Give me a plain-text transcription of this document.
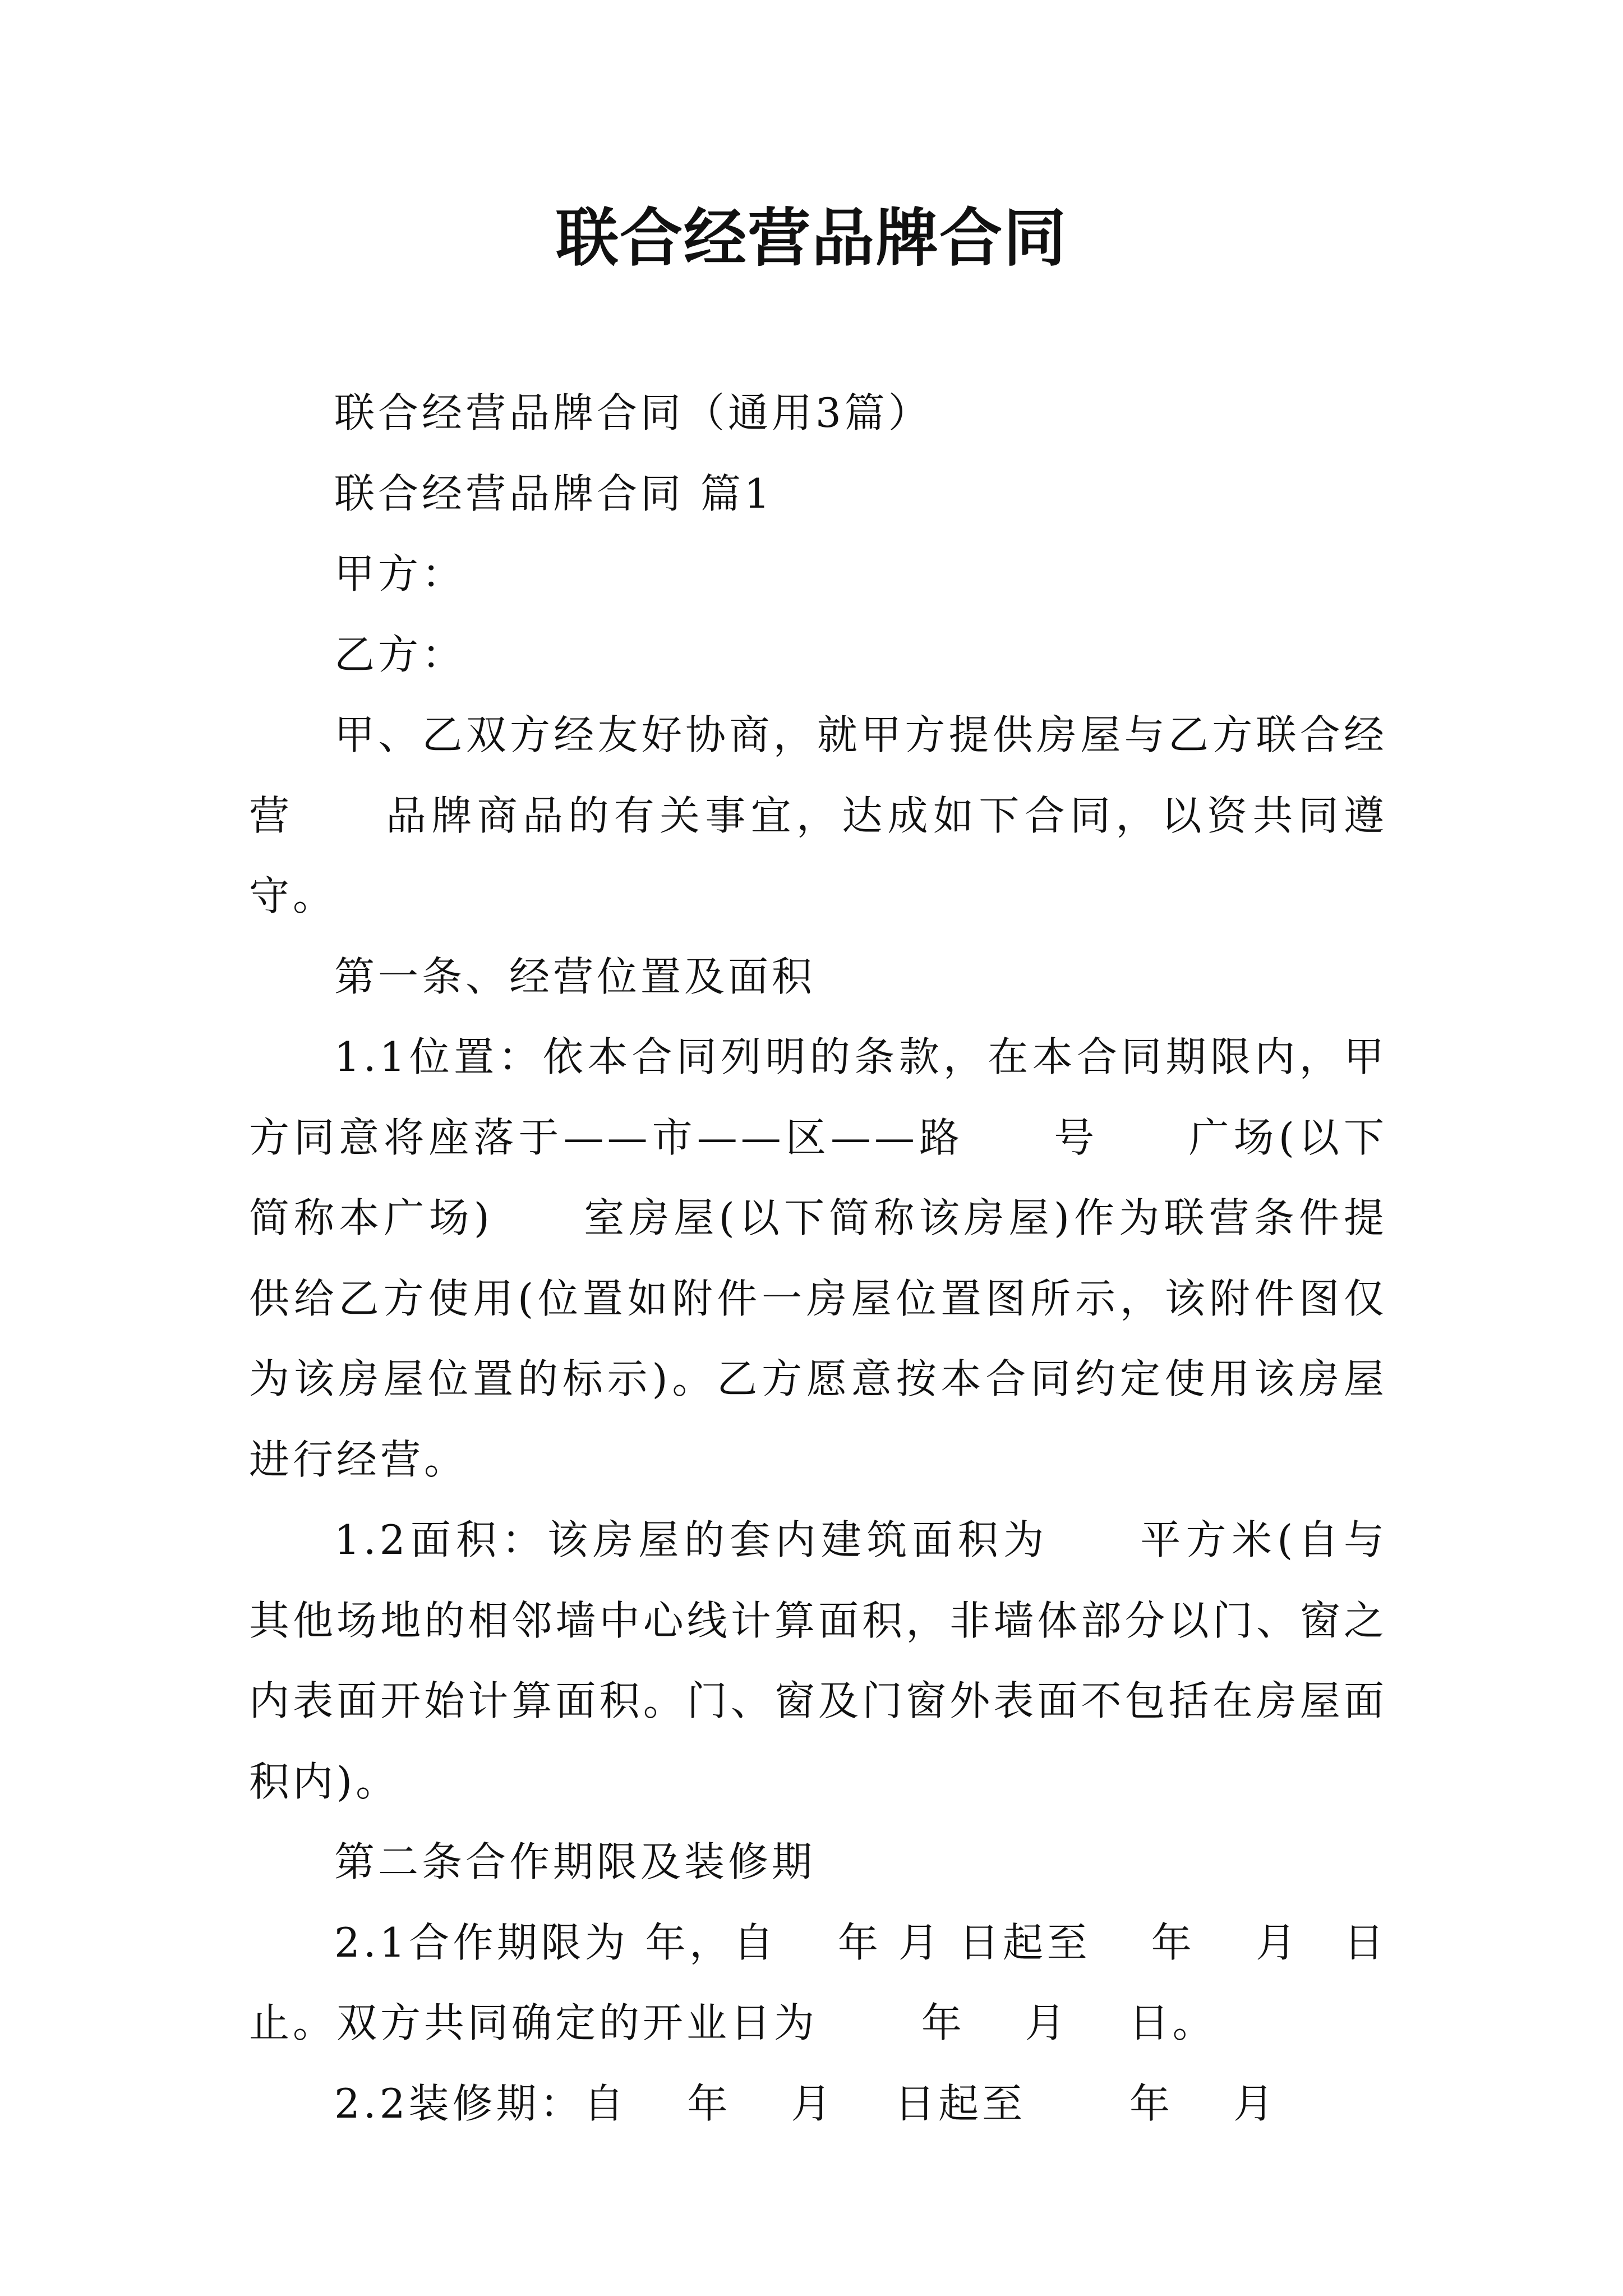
联合经营品牌合同

联合经营品牌合同（通用3篇）

联合经营品牌合同 篇1

甲方：

乙方：

甲、乙双方经友好协商，就甲方提供房屋与乙方联合经营　　品牌商品的有关事宜，达成如下合同，以资共同遵守。

第一条、经营位置及面积

1.1位置：依本合同列明的条款，在本合同期限内，甲方同意将座落于——市——区——路　　号　　广场(以下简称本广场)　　室房屋(以下简称该房屋)作为联营条件提供给乙方使用(位置如附件一房屋位置图所示，该附件图仅为该房屋位置的标示)。乙方愿意按本合同约定使用该房屋进行经营。

1.2面积：该房屋的套内建筑面积为　　平方米(自与其他场地的相邻墙中心线计算面积，非墙体部分以门、窗之内表面开始计算面积。门、窗及门窗外表面不包括在房屋面积内)。

第二条合作期限及装修期

2.1合作期限为 年，自　 年 月 日起至　 年　 月　日止。双方共同确定的开业日为　　 年　 月　 日。

2.2装修期：自　 年　 月　 日起至　　 年　 月
